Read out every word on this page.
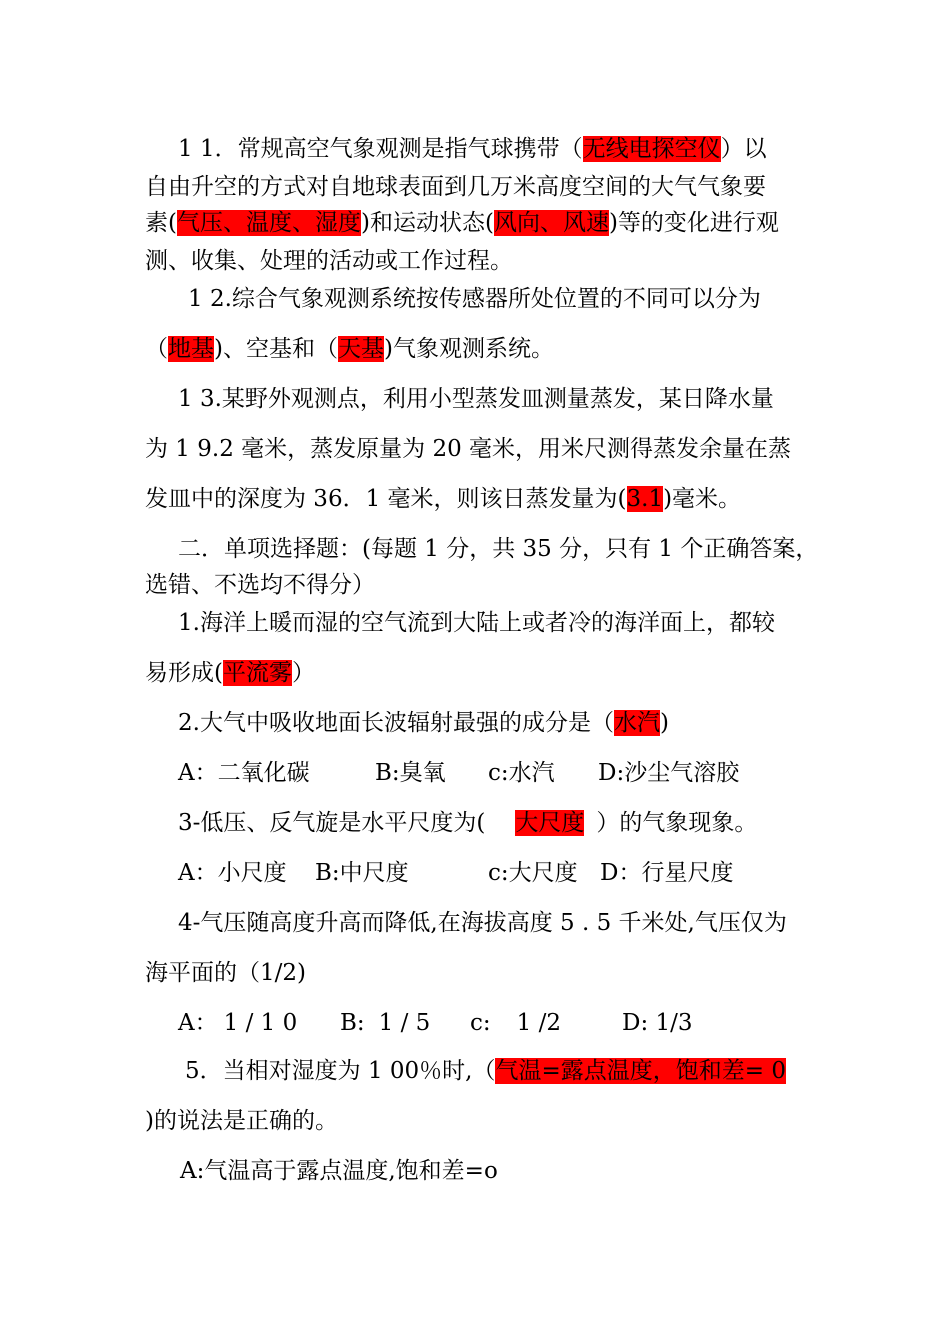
1 1．常规高空气象观测是指气球携带（无线电探空仪）以
自由升空的方式对自地球表面到几万米高度空间的大气气象要
素(气压、温度、湿度)和运动状态(风向、风速)等的变化进行观
测、收集、处理的活动或工作过程。
1 2.综合气象观测系统按传感器所处位置的不同可以分为
（地基)、空基和（天基)气象观测系统。
1 3.某野外观测点，利用小型蒸发皿测量蒸发，某日降水量
为 1 9.2 毫米，蒸发原量为 20 毫米，用米尺测得蒸发余量在蒸
发皿中的深度为 36．1 毫米，则该日蒸发量为(3.1)毫米。
二．单项选择题：(每题 1 分，共 35 分，只有 1 个正确答案，
选错、不选均不得分）
1.海洋上暖而湿的空气流到大陆上或者冷的海洋面上，都较
易形成(平流雾）
2.大气中吸收地面长波辐射最强的成分是（水汽)
A：二氧化碳	B:臭氧 c:水汽 D:沙尘气溶胶
3-低压、反气旋是水平尺度为( 大尺度 ）的气象现象。
A：小尺度 B:中尺度	c:大尺度 D：行星尺度
4-气压随高度升高而降低,在海拔高度 5 . 5 千米处,气压仅为
海平面的（1/2)
A： 1 / 1 0 B: 1 / 5 c: 1 /2	D: 1/3
5．当相对湿度为 1 00％时,（气温=露点温度，饱和差= 0
)的说法是正确的。
A:气温高于露点温度,饱和差=o
